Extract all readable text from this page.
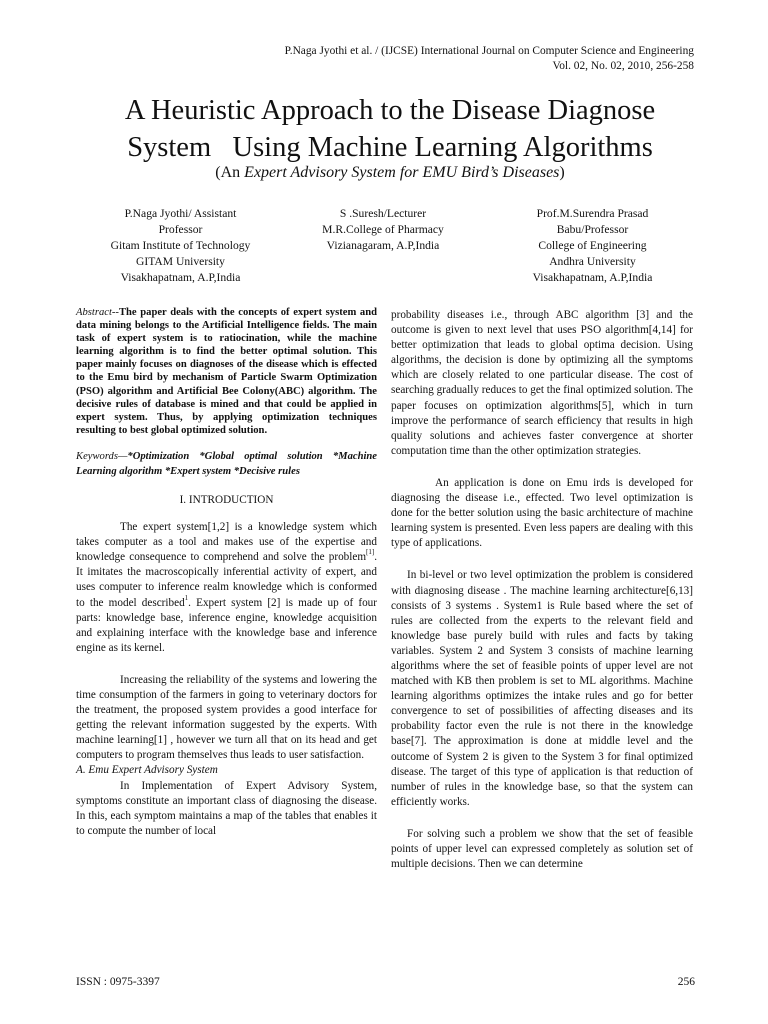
P.Naga Jyothi et al. / (IJCSE) International Journal on Computer Science and Engineering
Vol. 02, No. 02, 2010, 256-258
A Heuristic Approach to the Disease Diagnose
System   Using Machine Learning Algorithms
(An Expert Advisory System for EMU Bird’s Diseases)
P.Naga Jyothi/ Assistant
Professor
Gitam Institute of Technology
GITAM University
Visakhapatnam, A.P,India
S .Suresh/Lecturer
M.R.College of Pharmacy
Vizianagaram, A.P,India
Prof.M.Surendra Prasad
Babu/Professor
College of Engineering
Andhra University
Visakhapatnam, A.P,India

Abstract--The paper deals with the concepts of expert system and data mining belongs to the Artificial Intelligence fields. The main task of expert system is to ratiocination, while the machine learning algorithm is to find the better optimal solution. This paper mainly focuses on diagnoses of the disease which is effected to the Emu bird by mechanism of Particle Swarm Optimization (PSO) algorithm and Artificial Bee Colony(ABC) algorithm. The decisive rules of database is mined and that could be applied in expert system. Thus, by applying optimization techniques resulting to best global optimized solution.

Keywords—*Optimization *Global optimal solution *Machine Learning algorithm *Expert system *Decisive rules

I. INTRODUCTION

The expert system[1,2] is a knowledge system which takes computer as a tool and makes use of the expertise and knowledge consequence to comprehend and solve the problem[1]. It imitates the macroscopically inferential activity of expert, and uses computer to inference realm knowledge which is conformed to the model described$^1$. Expert system [2] is made up of four parts: knowledge base, inference engine, knowledge acquisition and explaining interface with the knowledge base and inference engine as its kernel.

Increasing the reliability of the systems and lowering the time consumption of the farmers in going to veterinary doctors for the treatment, the proposed system provides a good interface for getting the relevant information suggested by the experts. With machine learning[1] , however we turn all that on its head and get computers to program themselves thus leads to user satisfaction.

A. Emu Expert Advisory System

In Implementation of Expert Advisory System, symptoms constitute an important class of diagnosing the disease. In this, each symptom maintains a map of the tables that enables it to compute the number of local

probability diseases i.e., through ABC algorithm [3] and the outcome is given to next level that uses PSO algorithm[4,14] for better optimization that leads to global optima decision. Using algorithms, the decision is done by optimizing all the symptoms which are closely related to one particular disease. The cost of searching gradually reduces to get the final optimized solution. The paper focuses on optimization algorithms[5], which in turn improve the performance of search efficiency that results in high quality solutions and achieves faster convergence at shorter computation time than the other optimization strategies.

An application is done on Emu irds is developed for diagnosing the disease i.e., effected. Two level optimization is done for the better solution using the basic architecture of machine learning system is presented. Even less papers are dealing with this type of applications.

In bi-level or two level optimization the problem is considered with diagnosing disease . The machine learning architecture[6,13] consists of 3 systems . System1 is Rule based where the set of rules are collected from the experts to the relevant field and knowledge base purely build with rules and facts by taking variables. System 2 and System 3 consists of machine learning algorithms where the set of feasible points of upper level are not matched with KB then problem is set to ML algorithms. Machine learning algorithms optimizes the intake rules and go for better convergence to set of possibilities of affecting diseases and its probability factor even the rule is not there in the knowledge base[7]. The approximation is done at middle level and the outcome of System 2 is given to the System 3 for final optimized disease. The target of this type of application is that reduction of number of rules in the knowledge base, so that the system can efficiently works.

For solving such a problem we show that the set of feasible points of upper level can expressed completely as solution set of multiple decisions. Then we can determine

ISSN : 0975-3397	256
